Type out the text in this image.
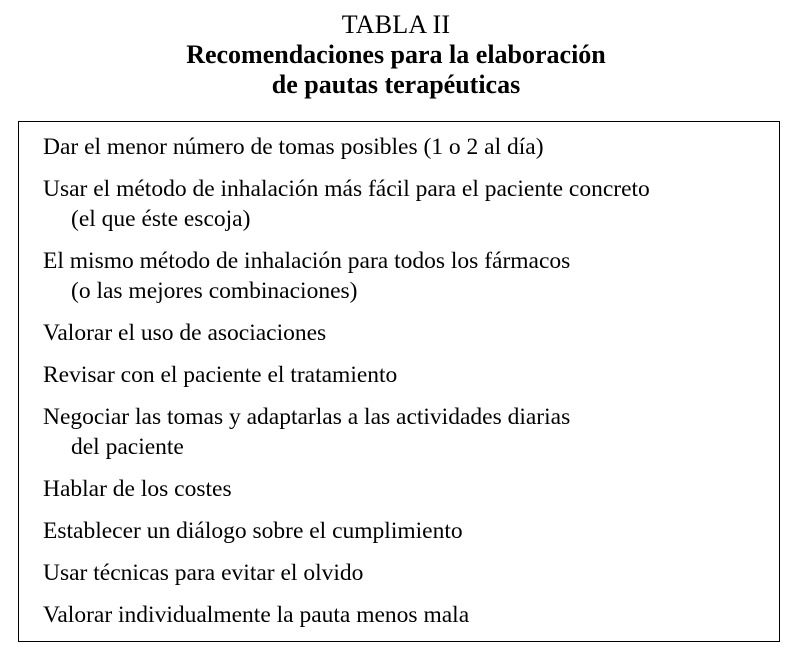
TABLA II
Recomendaciones para la elaboración
de pautas terapéuticas
Dar el menor número de tomas posibles (1 o 2 al día)
Usar el método de inhalación más fácil para el paciente concreto
(el que éste escoja)
El mismo método de inhalación para todos los fármacos
(o las mejores combinaciones)
Valorar el uso de asociaciones
Revisar con el paciente el tratamiento
Negociar las tomas y adaptarlas a las actividades diarias
del paciente
Hablar de los costes
Establecer un diálogo sobre el cumplimiento
Usar técnicas para evitar el olvido
Valorar individualmente la pauta menos mala
